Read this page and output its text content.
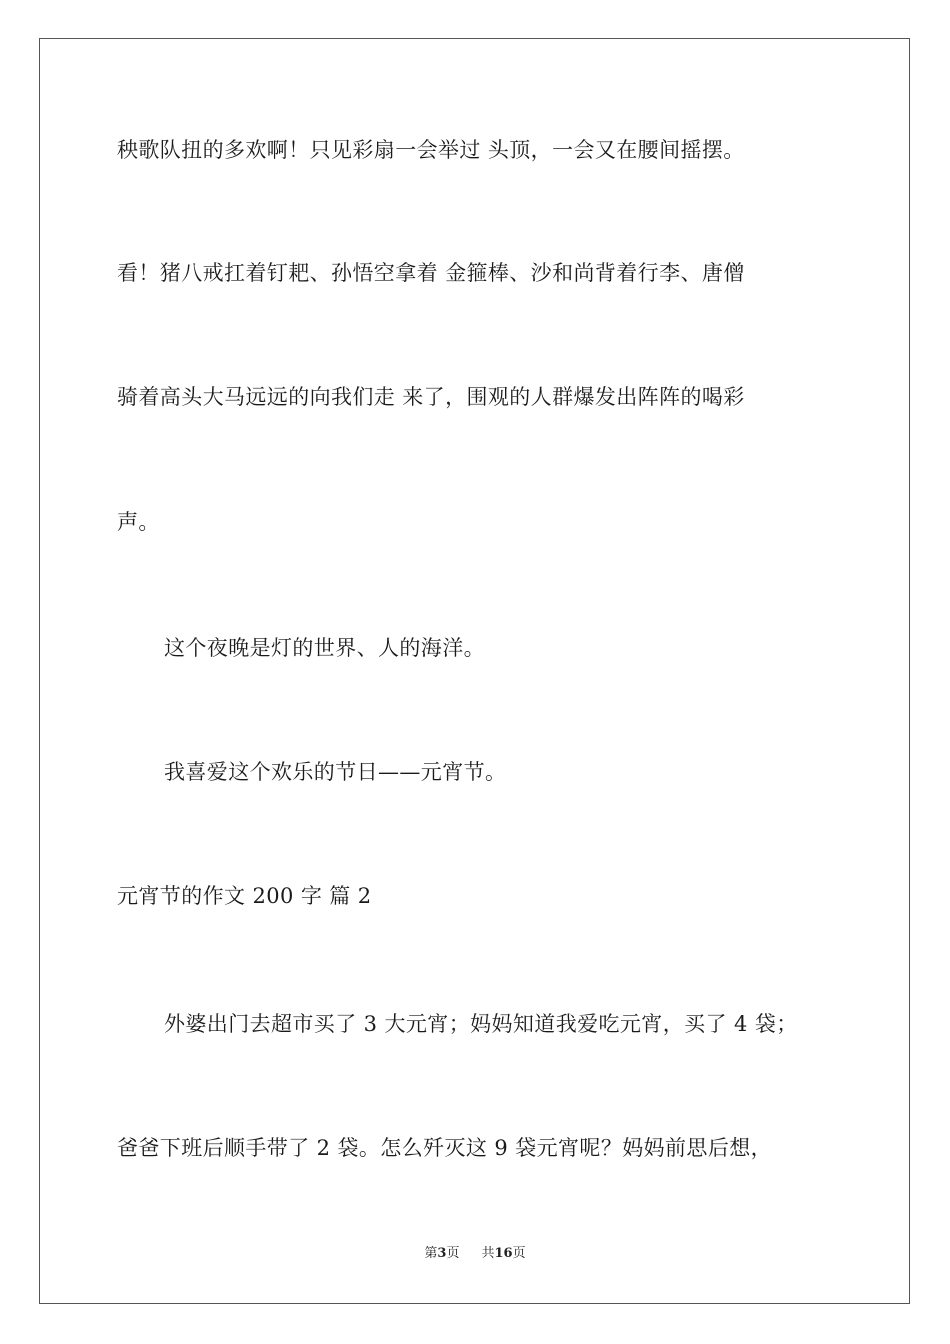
秧歌队扭的多欢啊！只见彩扇一会举过 头顶，一会又在腰间摇摆。
看！猪八戒扛着钉耙、孙悟空拿着 金箍棒、沙和尚背着行李、唐僧
骑着高头大马远远的向我们走 来了，围观的人群爆发出阵阵的喝彩
声。
这个夜晚是灯的世界、人的海洋。
我喜爱这个欢乐的节日——元宵节。
元宵节的作文 200 字 篇 2
外婆出门去超市买了 3 大元宵；妈妈知道我爱吃元宵，买了 4 袋；
爸爸下班后顺手带了 2 袋。怎么歼灭这 9 袋元宵呢？妈妈前思后想，
第3页 共16页
